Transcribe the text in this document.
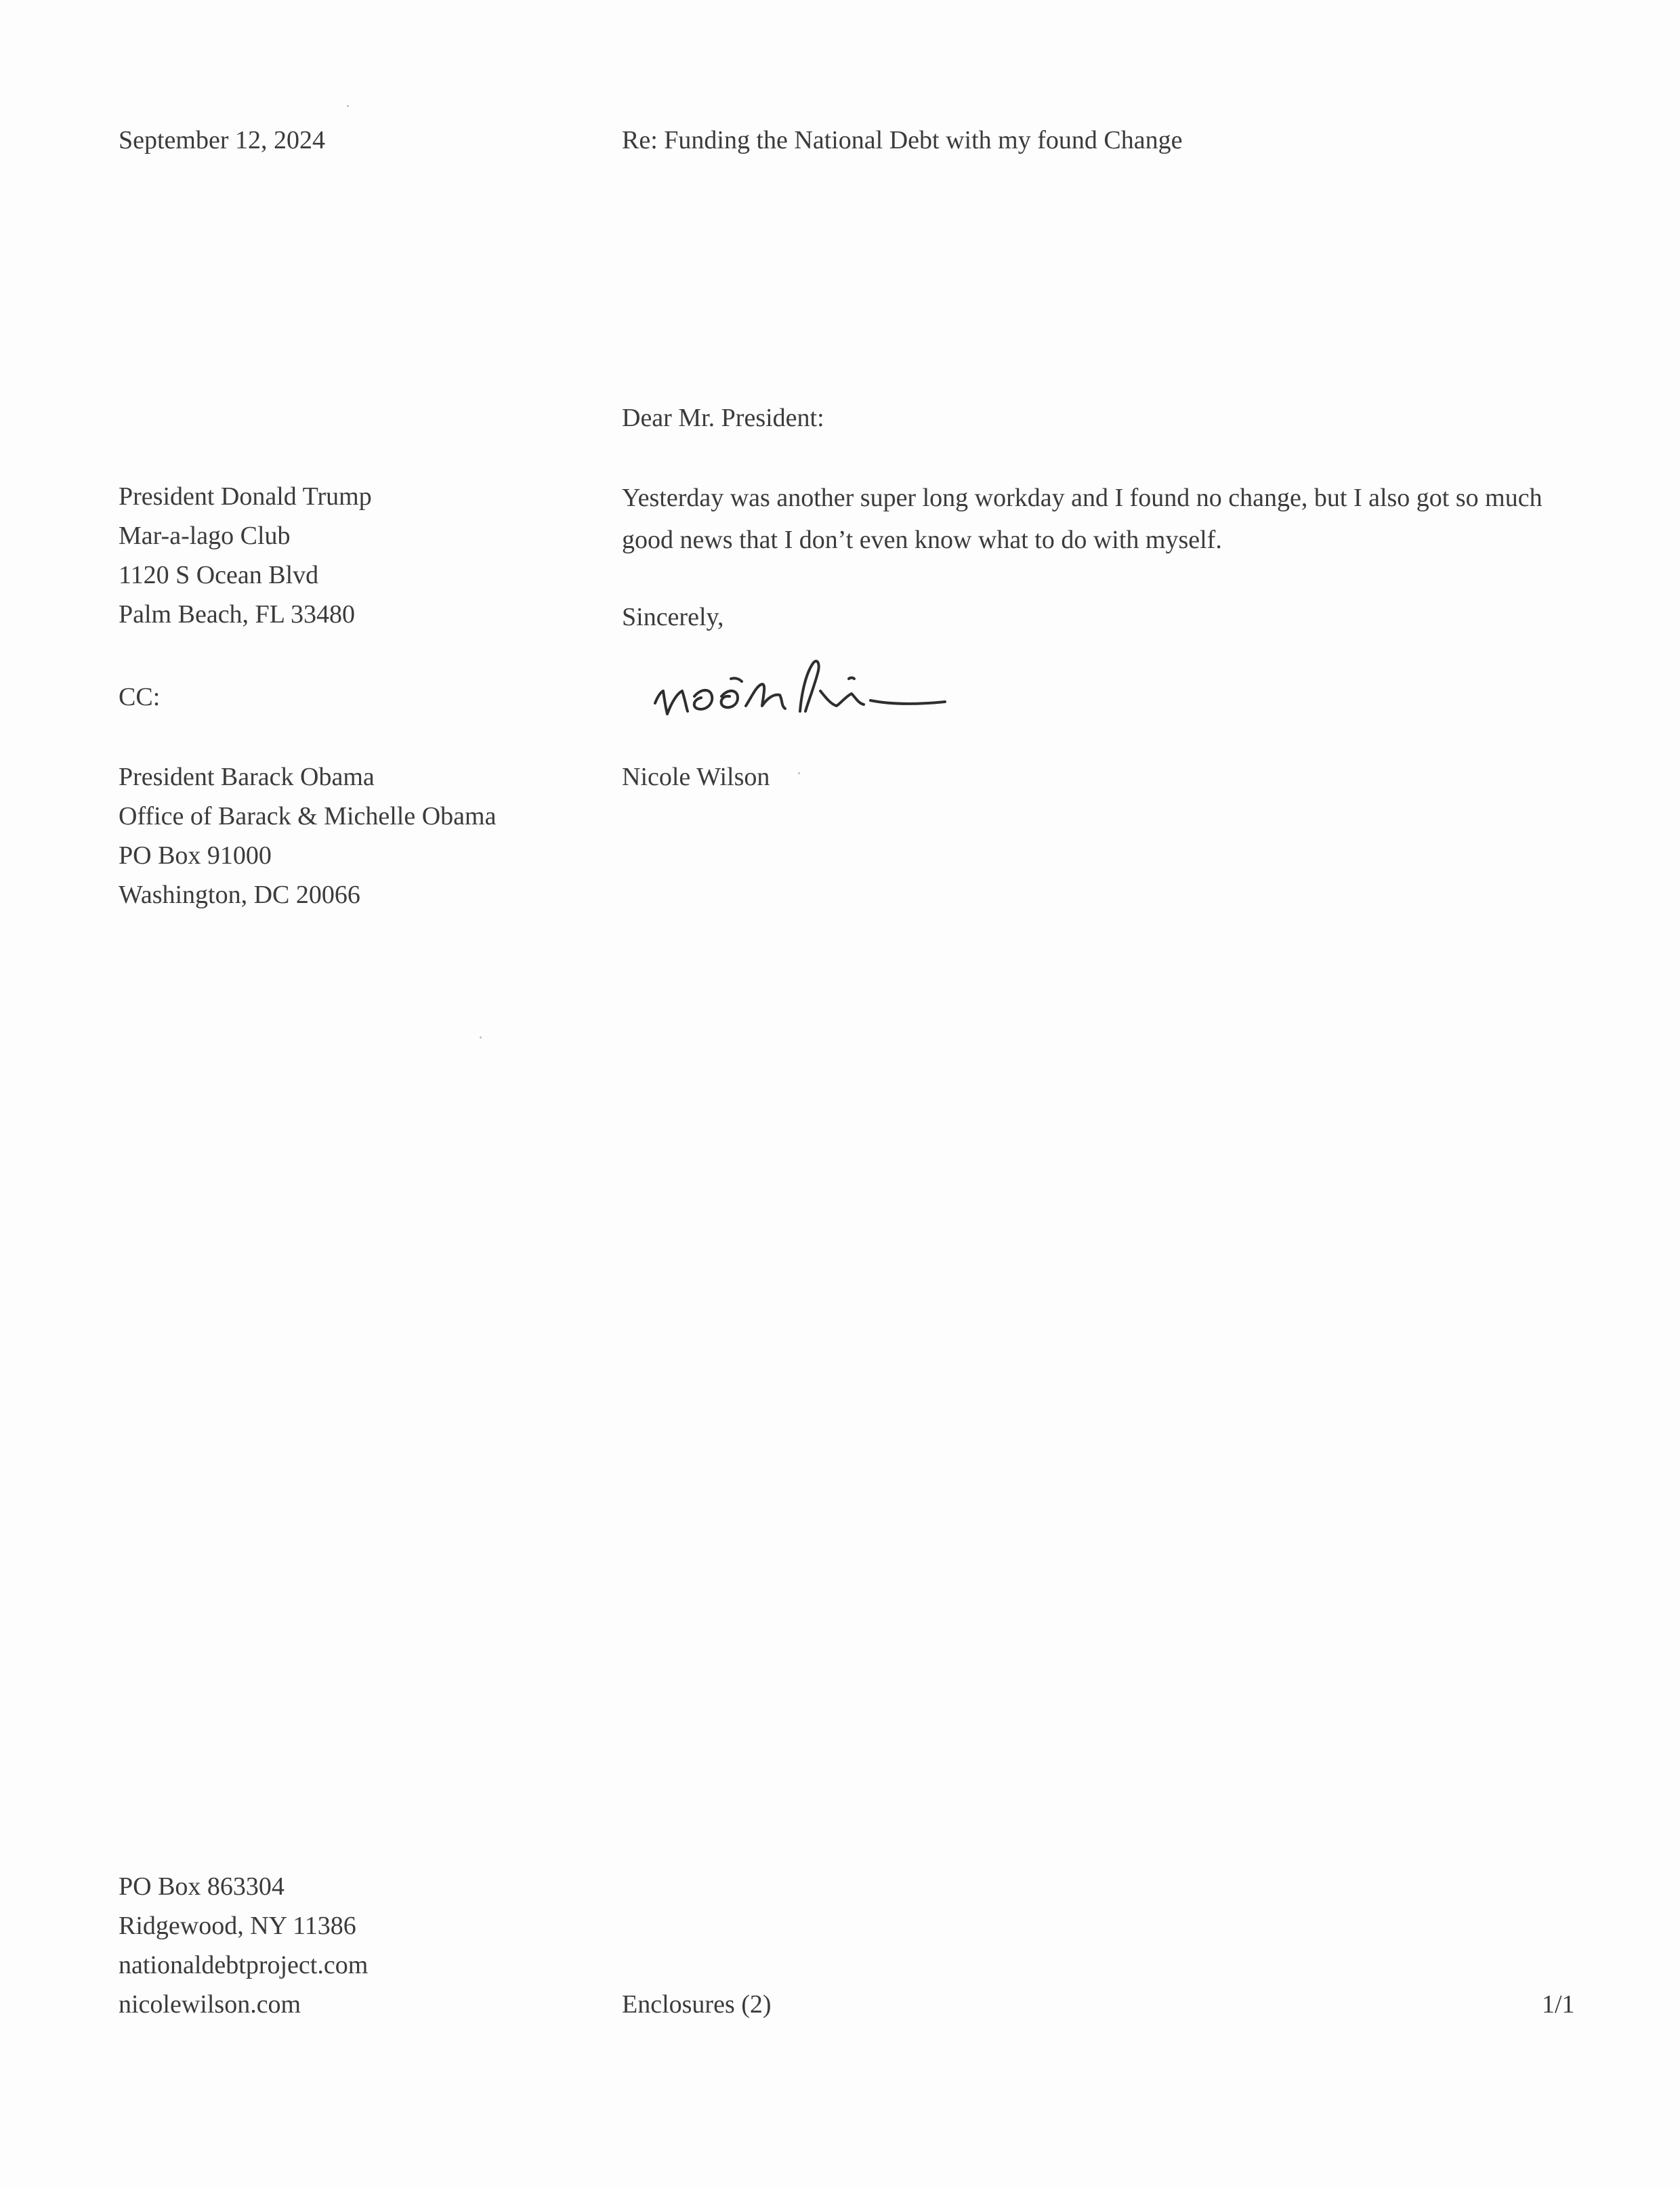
September 12, 2024	Re: Funding the National Debt with my found Change
Dear Mr. President:
President Donald Trump
Mar-a-lago Club
1120 S Ocean Blvd
Palm Beach, FL 33480
Yesterday was another super long workday and I found no change, but I also got so much good news that I don’t even know what to do with myself.
Sincerely,
CC:
Nicole Wilson
President Barack Obama
Office of Barack & Michelle Obama
PO Box 91000
Washington, DC 20066
PO Box 863304
Ridgewood, NY 11386
nationaldebtproject.com
nicolewilson.com	Enclosures (2)	1/1
